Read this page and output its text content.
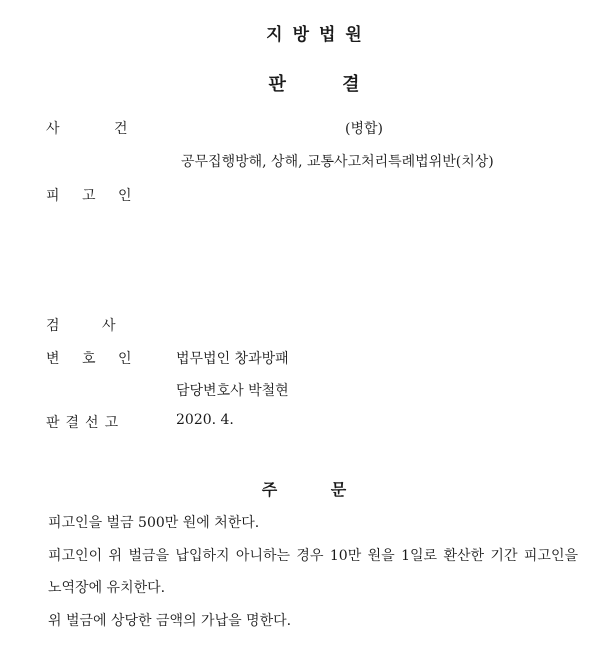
지방법원
판 결
사 건	(병합)
공무집행방해, 상해, 교통사고처리특례법위반(치상)
피 고 인
검 사
변 호 인	법무법인 창과방패
담당변호사 박철현
판결선고	2020. 4.
주 문
피고인을 벌금 500만 원에 처한다.
피고인이 위 벌금을 납입하지 아니하는 경우 10만 원을 1일로 환산한 기간 피고인을
노역장에 유치한다.
위 벌금에 상당한 금액의 가납을 명한다.
